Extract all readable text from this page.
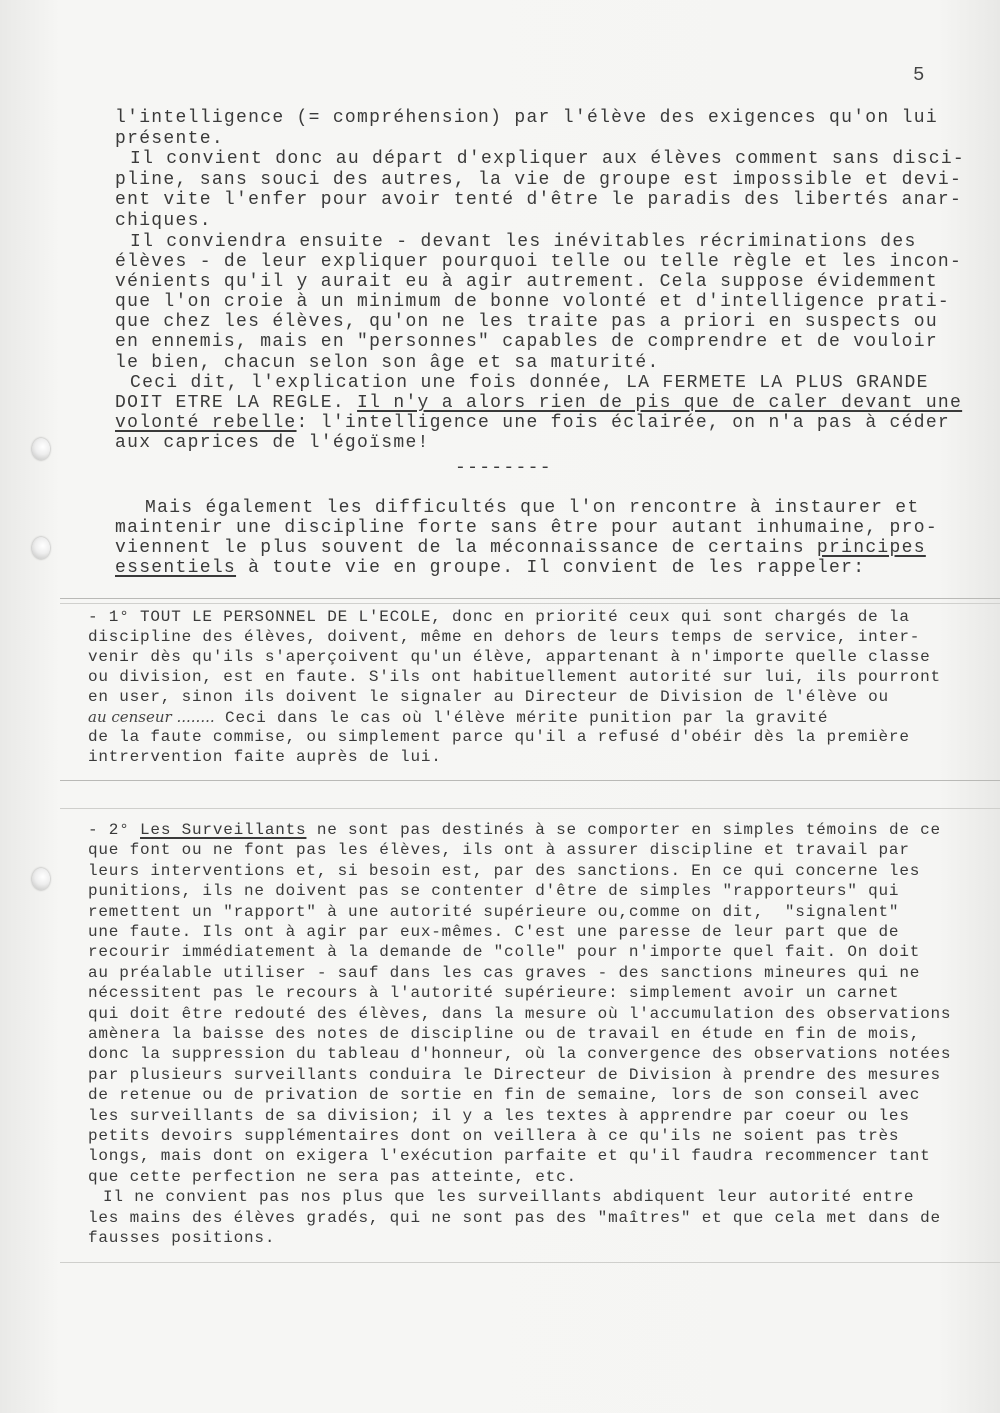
5
l'intelligence (= compréhension) par l'élève des exigences qu'on lui
présente.
Il convient donc au départ d'expliquer aux élèves comment sans disci-
pline, sans souci des autres, la vie de groupe est impossible et devi-
ent vite l'enfer pour avoir tenté d'être le paradis des libertés anar-
chiques.
Il conviendra ensuite - devant les inévitables récriminations des
élèves - de leur expliquer pourquoi telle ou telle règle et les incon-
vénients qu'il y aurait eu à agir autrement. Cela suppose évidemment
que l'on croie à un minimum de bonne volonté et d'intelligence prati-
que chez les élèves, qu'on ne les traite pas a priori en suspects ou
en ennemis, mais en "personnes" capables de comprendre et de vouloir
le bien, chacun selon son âge et sa maturité.
Ceci dit, l'explication une fois donnée, LA FERMETE LA PLUS GRANDE
DOIT ETRE LA REGLE. Il n'y a alors rien de pis que de caler devant une
volonté rebelle: l'intelligence une fois éclairée, on n'a pas à céder
aux caprices de l'égoïsme!
--------
Mais également les difficultés que l'on rencontre à instaurer et
maintenir une discipline forte sans être pour autant inhumaine, pro-
viennent le plus souvent de la méconnaissance de certains principes
essentiels à toute vie en groupe. Il convient de les rappeler:
- 1° TOUT LE PERSONNEL DE L'ECOLE, donc en priorité ceux qui sont chargés de la
discipline des élèves, doivent, même en dehors de leurs temps de service, inter-
venir dès qu'ils s'aperçoivent qu'un élève, appartenant à n'importe quelle classe
ou division, est en faute. S'ils ont habituellement autorité sur lui, ils pourront
en user, sinon ils doivent le signaler au Directeur de Division de l'élève ou
au censeur ........ Ceci dans le cas où l'élève mérite punition par la gravité
de la faute commise, ou simplement parce qu'il a refusé d'obéir dès la première
intrervention faite auprès de lui.
- 2° Les Surveillants ne sont pas destinés à se comporter en simples témoins de ce
que font ou ne font pas les élèves, ils ont à assurer discipline et travail par
leurs interventions et, si besoin est, par des sanctions. En ce qui concerne les
punitions, ils ne doivent pas se contenter d'être de simples "rapporteurs" qui
remettent un "rapport" à une autorité supérieure ou,comme on dit,  "signalent"
une faute. Ils ont à agir par eux-mêmes. C'est une paresse de leur part que de
recourir immédiatement à la demande de "colle" pour n'importe quel fait. On doit
au préalable utiliser - sauf dans les cas graves - des sanctions mineures qui ne
nécessitent pas le recours à l'autorité supérieure: simplement avoir un carnet
qui doit être redouté des élèves, dans la mesure où l'accumulation des observations
amènera la baisse des notes de discipline ou de travail en étude en fin de mois,
donc la suppression du tableau d'honneur, où la convergence des observations notées
par plusieurs surveillants conduira le Directeur de Division à prendre des mesures
de retenue ou de privation de sortie en fin de semaine, lors de son conseil avec
les surveillants de sa division; il y a les textes à apprendre par coeur ou les
petits devoirs supplémentaires dont on veillera à ce qu'ils ne soient pas très
longs, mais dont on exigera l'exécution parfaite et qu'il faudra recommencer tant
que cette perfection ne sera pas atteinte, etc.
Il ne convient pas nos plus que les surveillants abdiquent leur autorité entre
les mains des élèves gradés, qui ne sont pas des "maîtres" et que cela met dans de
fausses positions.
